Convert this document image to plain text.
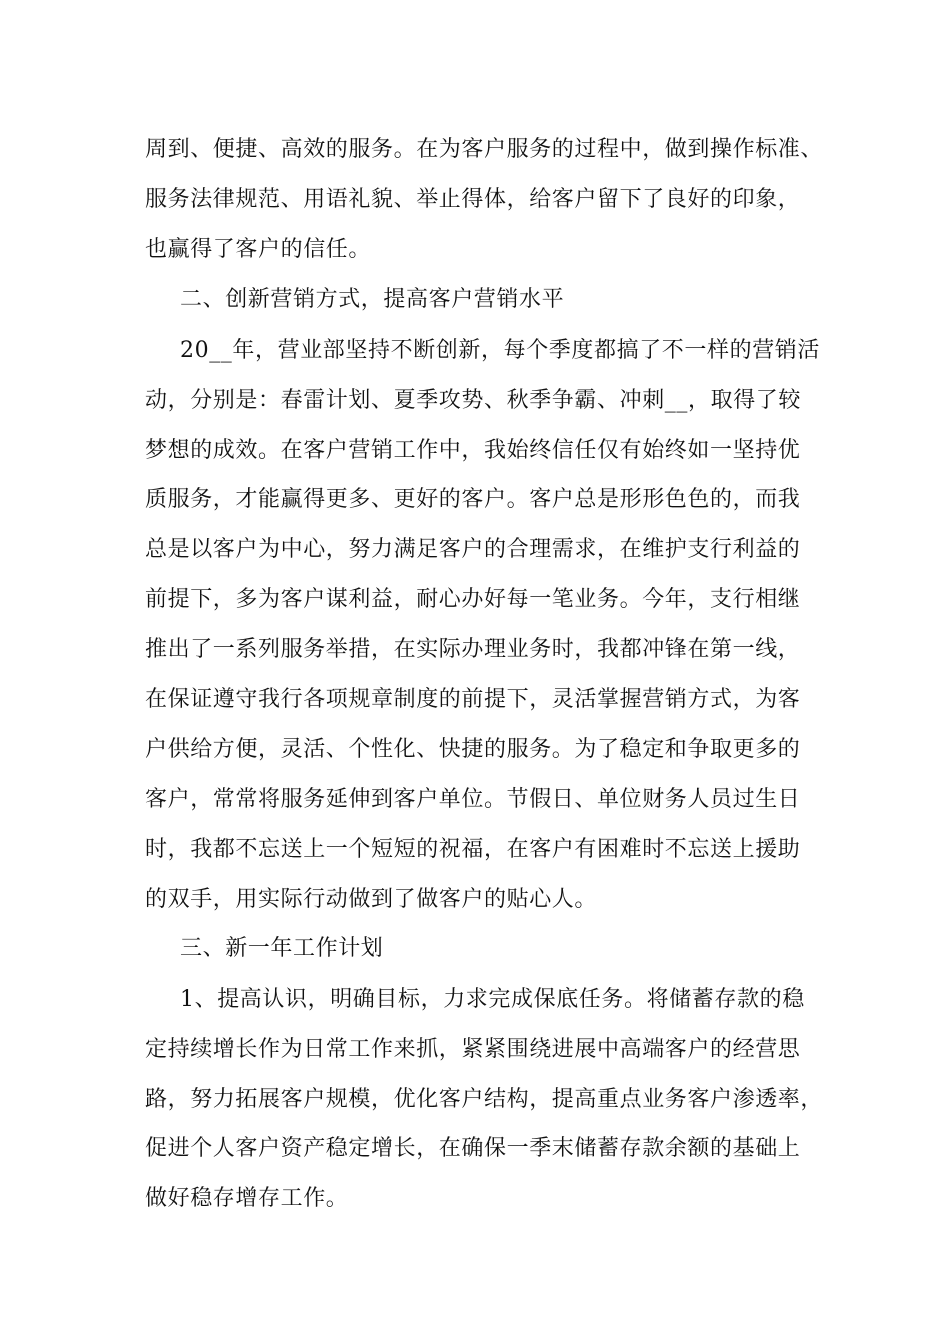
周到、便捷、高效的服务。在为客户服务的过程中，做到操作标准、
服务法律规范、用语礼貌、举止得体，给客户留下了良好的印象，
也赢得了客户的信任。
二、创新营销方式，提高客户营销水平
20__年，营业部坚持不断创新，每个季度都搞了不一样的营销活
动，分别是：春雷计划、夏季攻势、秋季争霸、冲刺__，取得了较
梦想的成效。在客户营销工作中，我始终信任仅有始终如一坚持优
质服务，才能赢得更多、更好的客户。客户总是形形色色的，而我
总是以客户为中心，努力满足客户的合理需求，在维护支行利益的
前提下，多为客户谋利益，耐心办好每一笔业务。今年，支行相继
推出了一系列服务举措，在实际办理业务时，我都冲锋在第一线，
在保证遵守我行各项规章制度的前提下，灵活掌握营销方式，为客
户供给方便，灵活、个性化、快捷的服务。为了稳定和争取更多的
客户，常常将服务延伸到客户单位。节假日、单位财务人员过生日
时，我都不忘送上一个短短的祝福，在客户有困难时不忘送上援助
的双手，用实际行动做到了做客户的贴心人。
三、新一年工作计划
1、提高认识，明确目标，力求完成保底任务。将储蓄存款的稳
定持续增长作为日常工作来抓，紧紧围绕进展中高端客户的经营思
路，努力拓展客户规模，优化客户结构，提高重点业务客户渗透率，
促进个人客户资产稳定增长，在确保一季末储蓄存款余额的基础上
做好稳存增存工作。
